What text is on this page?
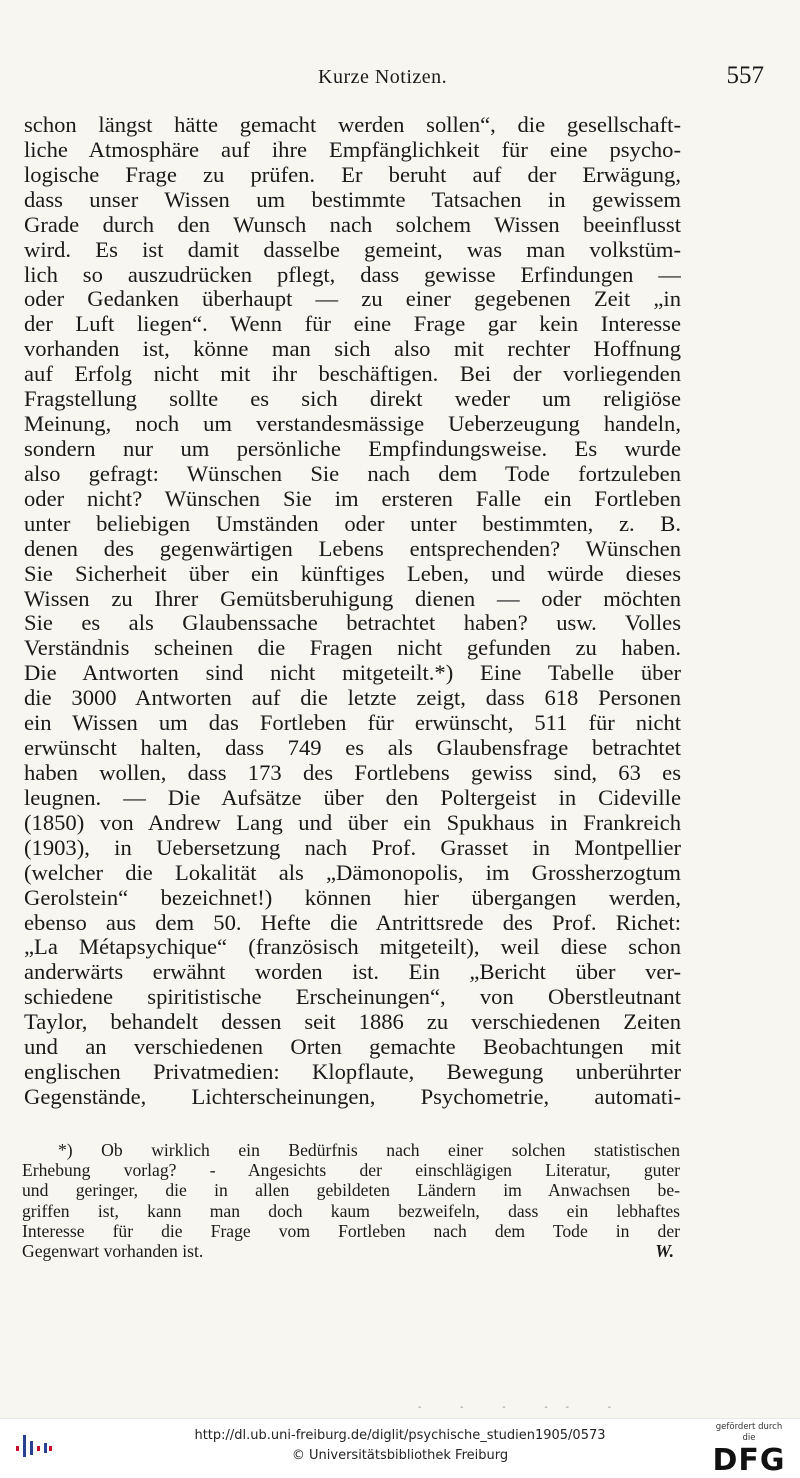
Kurze Notizen.	557
schon längst hätte gemacht werden sollen“, die gesellschaft-
liche Atmosphäre auf ihre Empfänglichkeit für eine psycho-
logische Frage zu prüfen. Er beruht auf der Erwägung,
dass unser Wissen um bestimmte Tatsachen in gewissem
Grade durch den Wunsch nach solchem Wissen beeinflusst
wird. Es ist damit dasselbe gemeint, was man volkstüm-
lich so auszudrücken pflegt, dass gewisse Erfindungen —
oder Gedanken überhaupt — zu einer gegebenen Zeit „in
der Luft liegen“. Wenn für eine Frage gar kein Interesse
vorhanden ist, könne man sich also mit rechter Hoffnung
auf Erfolg nicht mit ihr beschäftigen. Bei der vorliegenden
Fragstellung sollte es sich direkt weder um religiöse
Meinung, noch um verstandesmässige Ueberzeugung handeln,
sondern nur um persönliche Empfindungsweise. Es wurde
also gefragt: Wünschen Sie nach dem Tode fortzuleben
oder nicht? Wünschen Sie im ersteren Falle ein Fortleben
unter beliebigen Umständen oder unter bestimmten, z. B.
denen des gegenwärtigen Lebens entsprechenden? Wünschen
Sie Sicherheit über ein künftiges Leben, und würde dieses
Wissen zu Ihrer Gemütsberuhigung dienen — oder möchten
Sie es als Glaubenssache betrachtet haben? usw. Volles
Verständnis scheinen die Fragen nicht gefunden zu haben.
Die Antworten sind nicht mitgeteilt.*) Eine Tabelle über
die 3000 Antworten auf die letzte zeigt, dass 618 Personen
ein Wissen um das Fortleben für erwünscht, 511 für nicht
erwünscht halten, dass 749 es als Glaubensfrage betrachtet
haben wollen, dass 173 des Fortlebens gewiss sind, 63 es
leugnen. — Die Aufsätze über den Poltergeist in Cideville
(1850) von Andrew Lang und über ein Spukhaus in Frankreich
(1903), in Uebersetzung nach Prof. Grasset in Montpellier
(welcher die Lokalität als „Dämonopolis, im Grossherzogtum
Gerolstein“ bezeichnet!) können hier übergangen werden,
ebenso aus dem 50. Hefte die Antrittsrede des Prof. Richet:
„La Métapsychique“ (französisch mitgeteilt), weil diese schon
anderwärts erwähnt worden ist. Ein „Bericht über ver-
schiedene spiritistische Erscheinungen“, von Oberstleutnant
Taylor, behandelt dessen seit 1886 zu verschiedenen Zeiten
und an verschiedenen Orten gemachte Beobachtungen mit
englischen Privatmedien: Klopflaute, Bewegung unberührter
Gegenstände, Lichterscheinungen, Psychometrie, automati-
*) Ob wirklich ein Bedürfnis nach einer solchen statistischen
Erhebung vorlag? - Angesichts der einschlägigen Literatur, guter
und geringer, die in allen gebildeten Ländern im Anwachsen be-
griffen ist, kann man doch kaum bezweifeln, dass ein lebhaftes
Interesse für die Frage vom Fortleben nach dem Tode in der
Gegenwart vorhanden ist.	W.
- - - -- -
http://dl.ub.uni-freiburg.de/diglit/psychische_studien1905/0573
© Universitätsbibliothek Freiburg
gefördert durch die
DFG
